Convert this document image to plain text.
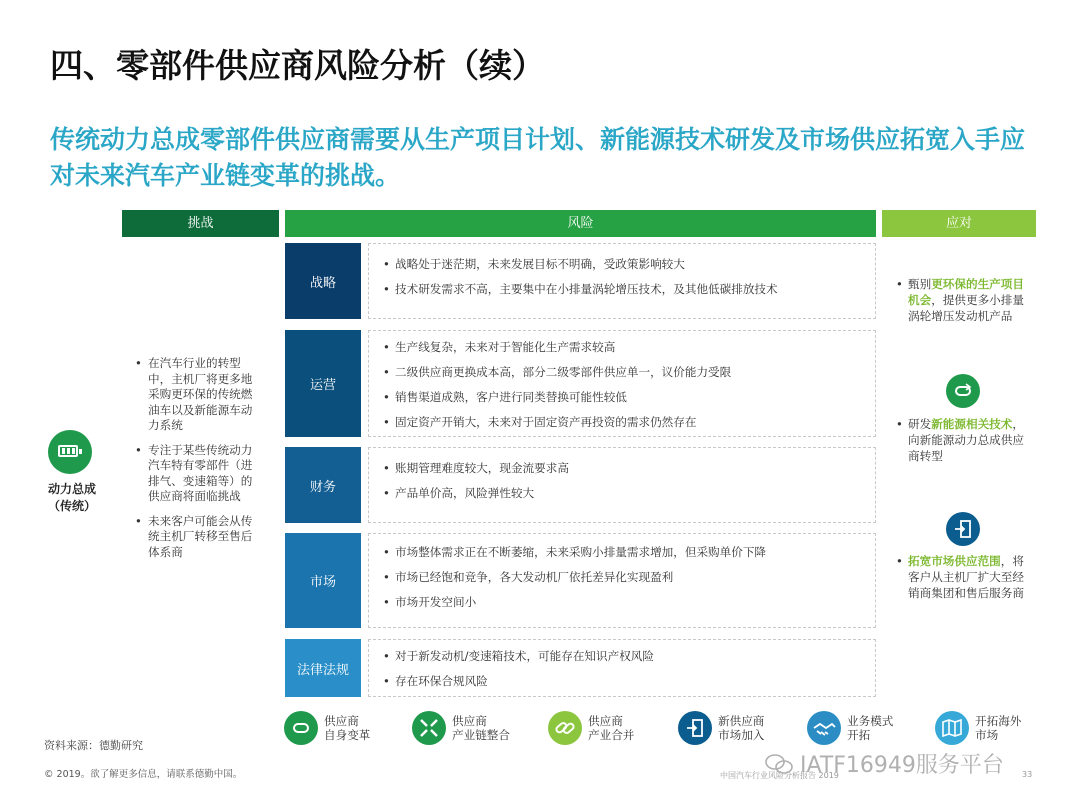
四、零部件供应商风险分析（续）
传统动力总成零部件供应商需要从生产项目计划、新能源技术研发及市场供应拓宽入手应对未来汽车产业链变革的挑战。
挑战	风险	应对
动力总成
（传统）
• 在汽车行业的转型中，主机厂将更多地采购更环保的传统燃油车以及新能源车动力系统
• 专注于某些传统动力汽车特有零部件（进排气、变速箱等）的供应商将面临挑战
• 未来客户可能会从传统主机厂转移至售后体系商
战略
• 战略处于迷茫期，未来发展目标不明确，受政策影响较大
• 技术研发需求不高，主要集中在小排量涡轮增压技术，及其他低碳排放技术
运营
• 生产线复杂，未来对于智能化生产需求较高
• 二级供应商更换成本高，部分二级零部件供应单一，议价能力受限
• 销售渠道成熟，客户进行同类替换可能性较低
• 固定资产开销大，未来对于固定资产再投资的需求仍然存在
财务
• 账期管理难度较大，现金流要求高
• 产品单价高，风险弹性较大
市场
• 市场整体需求正在不断萎缩，未来采购小排量需求增加，但采购单价下降
• 市场已经饱和竞争，各大发动机厂依托差异化实现盈利
• 市场开发空间小
法律法规
• 对于新发动机/变速箱技术，可能存在知识产权风险
• 存在环保合规风险
• 甄别更环保的生产项目机会，提供更多小排量涡轮增压发动机产品
• 研发新能源相关技术，向新能源动力总成供应商转型
• 拓宽市场供应范围，将客户从主机厂扩大至经销商集团和售后服务商
供应商
自身变革
供应商
产业链整合
供应商
产业合并
新供应商
市场加入
业务模式
开拓
开拓海外
市场
资料来源：德勤研究
© 2019。欲了解更多信息，请联系德勤中国。	中国汽车行业风险分析报告 2019	33
IATF16949服务平台
